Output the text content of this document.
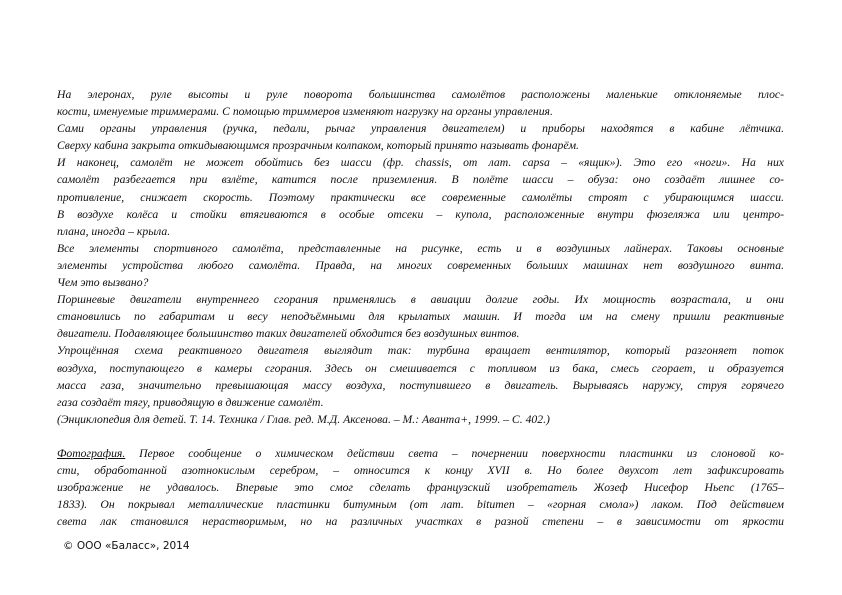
На элеронах, руле высоты и руле поворота большинства самолётов расположены маленькие отклоняемые плос-
кости, именуемые триммерами. С помощью триммеров изменяют нагрузку на органы управления.
Сами органы управления (ручка, педали, рычаг управления двигателем) и приборы находятся в кабине лётчика.
Сверху кабина закрыта откидывающимся прозрачным колпаком, который принято называть фонарём.
И наконец, самолёт не может обойтись без шасси (фр. chassis, от лат. capsa – «ящик»). Это его «ноги». На них
самолёт разбегается при взлёте, катится после приземления. В полёте шасси – обуза: оно создаёт лишнее со-
противление, снижает скорость. Поэтому практически все современные самолёты строят с убирающимся шасси.
В воздухе колёса и стойки втягиваются в особые отсеки – купола, расположенные внутри фюзеляжа или центро-
плана, иногда – крыла.
Все элементы спортивного самолёта, представленные на рисунке, есть и в воздушных лайнерах. Таковы основные
элементы устройства любого самолёта. Правда, на многих современных больших машинах нет воздушного винта.
Чем это вызвано?
Поршневые двигатели внутреннего сгорания применялись в авиации долгие годы. Их мощность возрастала, и они
становились по габаритам и весу неподъёмными для крылатых машин. И тогда им на смену пришли реактивные
двигатели. Подавляющее большинство таких двигателей обходится без воздушных винтов.
Упрощённая схема реактивного двигателя выглядит так: турбина вращает вентилятор, который разгоняет поток
воздуха, поступающего в камеры сгорания. Здесь он смешивается с топливом из бака, смесь сгорает, и образуется
масса газа, значительно превышающая массу воздуха, поступившего в двигатель. Вырываясь наружу, струя горячего
газа создаёт тягу, приводящую в движение самолёт.
(Энциклопедия для детей. Т. 14. Техника / Глав. ред. М.Д. Аксенова. – М.: Аванта+, 1999. – С. 402.)
Фотография. Первое сообщение о химическом действии света – почернении поверхности пластинки из слоновой ко-
сти, обработанной азотнокислым серебром, – относится к концу XVII в. Но более двухсот лет зафиксировать
изображение не удавалось. Впервые это смог сделать французский изобретатель Жозеф Нисефор Ньепс (1765–
1833). Он покрывал металлические пластинки битумным (от лат. bitumen – «горная смола») лаком. Под действием
света лак становился нерастворимым, но на различных участках в разной степени – в зависимости от яркости
© ООО «Баласс», 2014
